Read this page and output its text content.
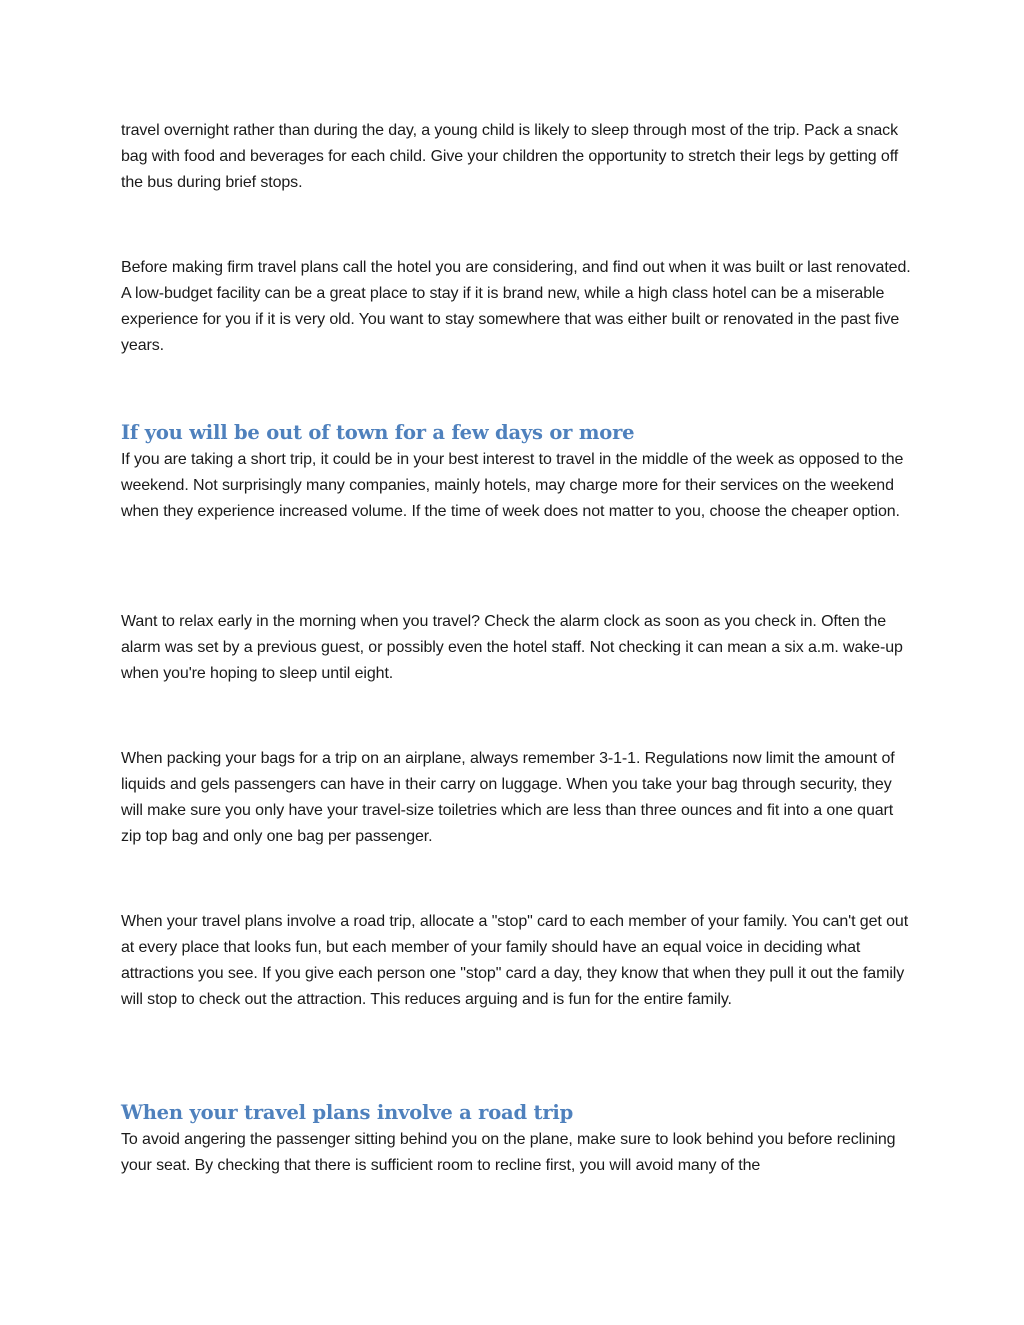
travel overnight rather than during the day, a young child is likely to sleep through most of the trip. Pack a snack bag with food and beverages for each child. Give your children the opportunity to stretch their legs by getting off the bus during brief stops.

Before making firm travel plans call the hotel you are considering, and find out when it was built or last renovated. A low-budget facility can be a great place to stay if it is brand new, while a high class hotel can be a miserable experience for you if it is very old. You want to stay somewhere that was either built or renovated in the past five years.

If you will be out of town for a few days or more

If you are taking a short trip, it could be in your best interest to travel in the middle of the week as opposed to the weekend. Not surprisingly many companies, mainly hotels, may charge more for their services on the weekend when they experience increased volume. If the time of week does not matter to you, choose the cheaper option.

Want to relax early in the morning when you travel? Check the alarm clock as soon as you check in. Often the alarm was set by a previous guest, or possibly even the hotel staff. Not checking it can mean a six a.m. wake-up when you're hoping to sleep until eight.

When packing your bags for a trip on an airplane, always remember 3-1-1. Regulations now limit the amount of liquids and gels passengers can have in their carry on luggage. When you take your bag through security, they will make sure you only have your travel-size toiletries which are less than three ounces and fit into a one quart zip top bag and only one bag per passenger.

When your travel plans involve a road trip, allocate a "stop" card to each member of your family. You can't get out at every place that looks fun, but each member of your family should have an equal voice in deciding what attractions you see. If you give each person one "stop" card a day, they know that when they pull it out the family will stop to check out the attraction. This reduces arguing and is fun for the entire family.

When your travel plans involve a road trip

To avoid angering the passenger sitting behind you on the plane, make sure to look behind you before reclining your seat. By checking that there is sufficient room to recline first, you will avoid many of the
